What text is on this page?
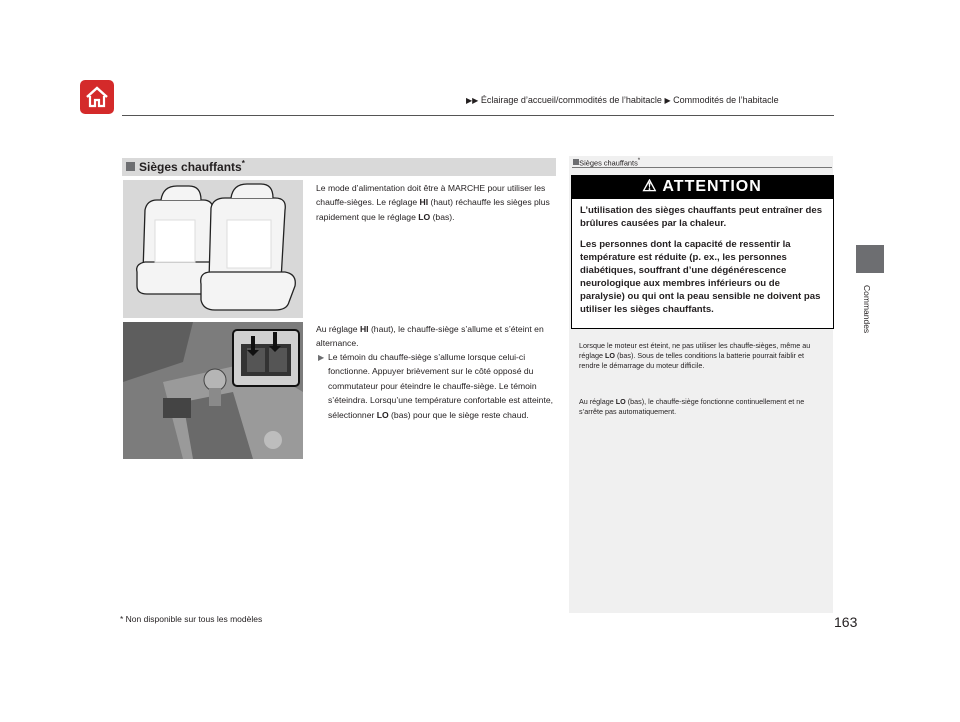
▶▶ Éclairage d’accueil/commodités de l’habitacle ▶ Commodités de l’habitacle
Commandes
Sièges chauffants*
Le mode d’alimentation doit être à MARCHE pour utiliser les chauffe-sièges. Le réglage HI (haut) réchauffe les sièges plus rapidement que le réglage LO (bas).
Au réglage HI (haut), le chauffe-siège s’allume et s’éteint en alternance.
▶ Le témoin du chauffe-siège s’allume lorsque celui-ci fonctionne. Appuyer brièvement sur le côté opposé du commutateur pour éteindre le chauffe-siège. Le témoin s’éteindra. Lorsqu’une température confortable est atteinte, sélectionner LO (bas) pour que le siège reste chaud.
Sièges chauffants*
⚠ ATTENTION
L’utilisation des sièges chauffants peut entraîner des brûlures causées par la chaleur.
Les personnes dont la capacité de ressentir la température est réduite (p. ex., les personnes diabétiques, souffrant d’une dégénérescence neurologique aux membres inférieurs ou de paralysie) ou qui ont la peau sensible ne doivent pas utiliser les sièges chauffants.
Lorsque le moteur est éteint, ne pas utiliser les chauffe-sièges, même au réglage LO (bas). Sous de telles conditions la batterie pourrait faiblir et rendre le démarrage du moteur difficile.
Au réglage LO (bas), le chauffe-siège fonctionne continuellement et ne s’arrête pas automatiquement.
* Non disponible sur tous les modèles	163
